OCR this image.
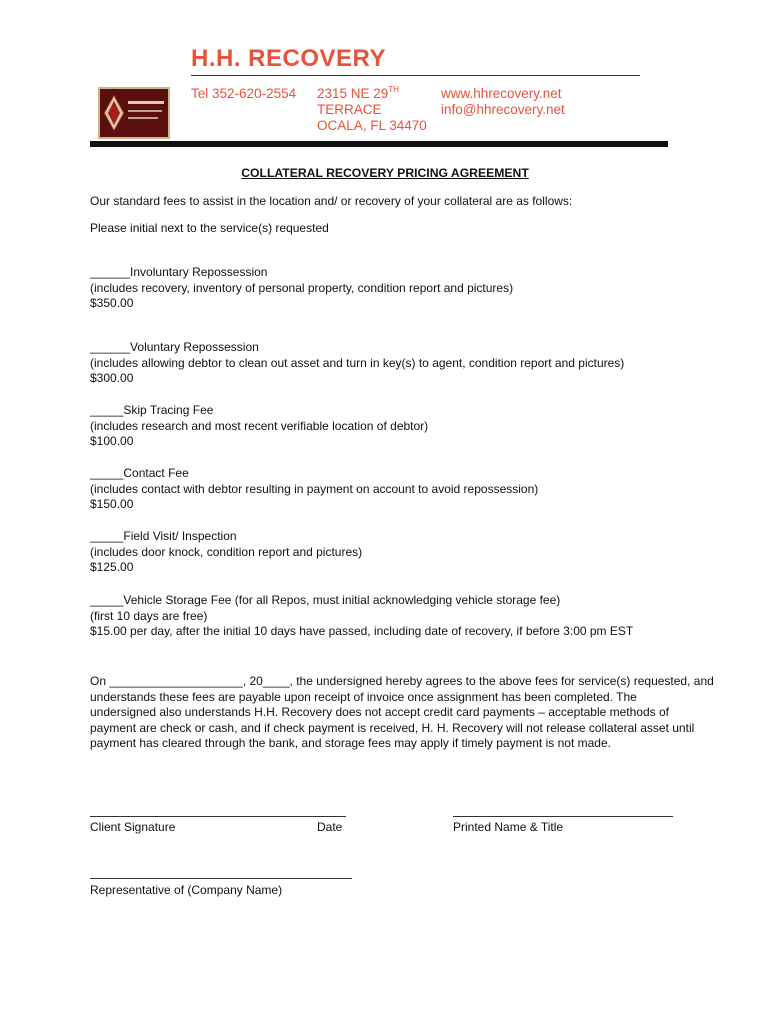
H.H. RECOVERY
Tel 352-620-2554 2315 NE 29TH
TERRACE
OCALA, FL 34470
www.hhrecovery.net
info@hhrecovery.net
COLLATERAL RECOVERY PRICING AGREEMENT
Our standard fees to assist in the location and/ or recovery of your collateral are as follows:
Please initial next to the service(s) requested
______Involuntary Repossession
(includes recovery, inventory of personal property, condition report and pictures)
$350.00
______Voluntary Repossession
(includes allowing debtor to clean out asset and turn in key(s) to agent, condition report and pictures)
$300.00
_____Skip Tracing Fee
(includes research and most recent verifiable location of debtor)
$100.00
_____Contact Fee
(includes contact with debtor resulting in payment on account to avoid repossession)
$150.00
_____Field Visit/ Inspection
(includes door knock, condition report and pictures)
$125.00
_____Vehicle Storage Fee (for all Repos, must initial acknowledging vehicle storage fee)
(first 10 days are free)
$15.00 per day, after the initial 10 days have passed, including date of recovery, if before 3:00 pm EST
On ____________________, 20____, the undersigned hereby agrees to the above fees for service(s) requested, and
understands these fees are payable upon receipt of invoice once assignment has been completed. The
undersigned also understands H.H. Recovery does not accept credit card payments – acceptable methods of
payment are check or cash, and if check payment is received, H. H. Recovery will not release collateral asset until
payment has cleared through the bank, and storage fees may apply if timely payment is not made.
Client Signature	Date	Printed Name & Title
Representative of (Company Name)
